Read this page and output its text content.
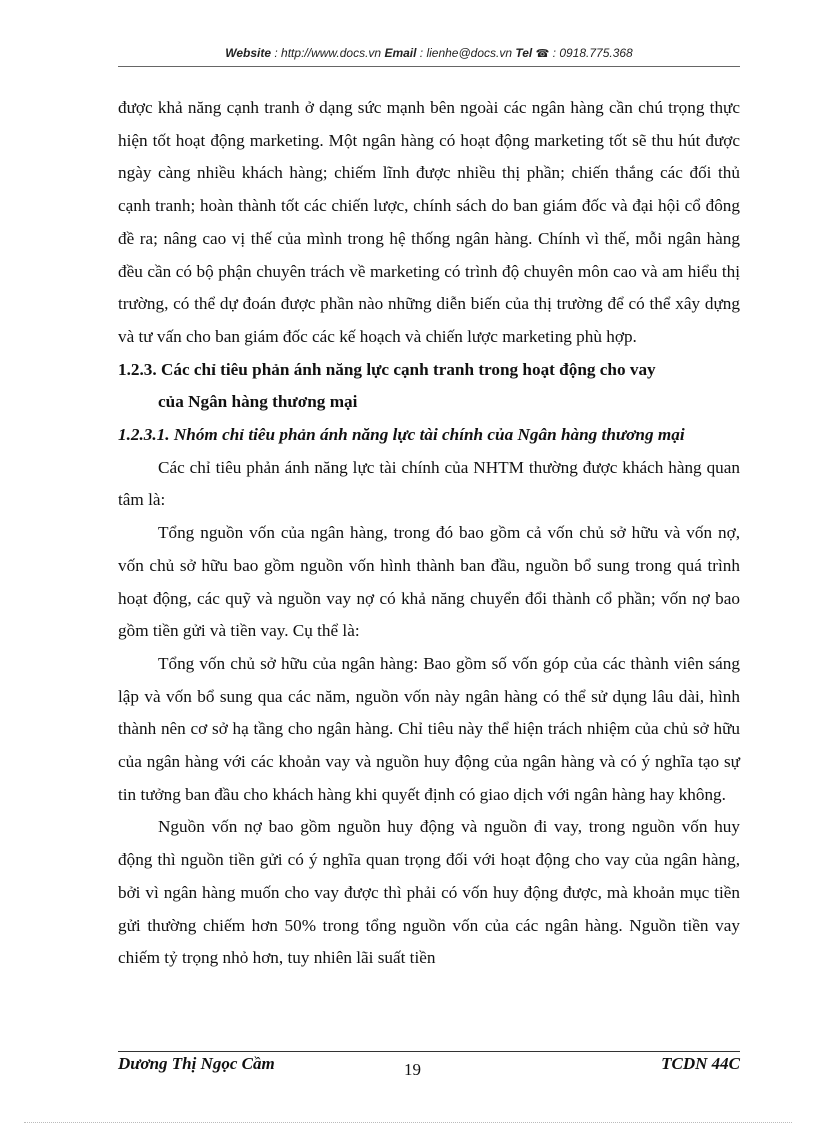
Website : http://www.docs.vn Email : lienhe@docs.vn Tel ☎ : 0918.775.368

được khả năng cạnh tranh ở dạng sức mạnh bên ngoài các ngân hàng cần chú trọng thực hiện tốt hoạt động marketing. Một ngân hàng có hoạt động marketing tốt sẽ thu hút được ngày càng nhiều khách hàng; chiếm lĩnh được nhiều thị phần; chiến thắng các đối thủ cạnh tranh; hoàn thành tốt các chiến lược, chính sách do ban giám đốc và đại hội cổ đông đề ra; nâng cao vị thế của mình trong hệ thống ngân hàng. Chính vì thế, mỗi ngân hàng đều cần có bộ phận chuyên trách về marketing có trình độ chuyên môn cao và am hiểu thị trường, có thể dự đoán được phần nào những diễn biến của thị trường để có thể xây dựng và tư vấn cho ban giám đốc các kế hoạch và chiến lược marketing phù hợp.

1.2.3. Các chỉ tiêu phản ánh năng lực cạnh tranh trong hoạt động cho vay
của Ngân hàng thương mại

1.2.3.1. Nhóm chỉ tiêu phản ánh năng lực tài chính của Ngân hàng thương mại

Các chỉ tiêu phản ánh năng lực tài chính của NHTM thường được khách hàng quan tâm là:

Tổng nguồn vốn của ngân hàng, trong đó bao gồm cả vốn chủ sở hữu và vốn nợ, vốn chủ sở hữu bao gồm nguồn vốn hình thành ban đầu, nguồn bổ sung trong quá trình hoạt động, các quỹ và nguồn vay nợ có khả năng chuyển đổi thành cổ phần; vốn nợ bao gồm tiền gửi và tiền vay. Cụ thể là:

Tổng vốn chủ sở hữu của ngân hàng: Bao gồm số vốn góp của các thành viên sáng lập và vốn bổ sung qua các năm, nguồn vốn này ngân hàng có thể sử dụng lâu dài, hình thành nên cơ sở hạ tầng cho ngân hàng. Chỉ tiêu này thể hiện trách nhiệm của chủ sở hữu của ngân hàng với các khoản vay và nguồn huy động của ngân hàng và có ý nghĩa tạo sự tin tưởng ban đầu cho khách hàng khi quyết định có giao dịch với ngân hàng hay không.

Nguồn vốn nợ bao gồm nguồn huy động và nguồn đi vay, trong nguồn vốn huy động thì nguồn tiền gửi có ý nghĩa quan trọng đối với hoạt động cho vay của ngân hàng, bởi vì ngân hàng muốn cho vay được thì phải có vốn huy động được, mà khoản mục tiền gửi thường chiếm hơn 50% trong tổng nguồn vốn của các ngân hàng. Nguồn tiền vay chiếm tỷ trọng nhỏ hơn, tuy nhiên lãi suất tiền

Dương Thị Ngọc Cầm	19	TCDN 44C
